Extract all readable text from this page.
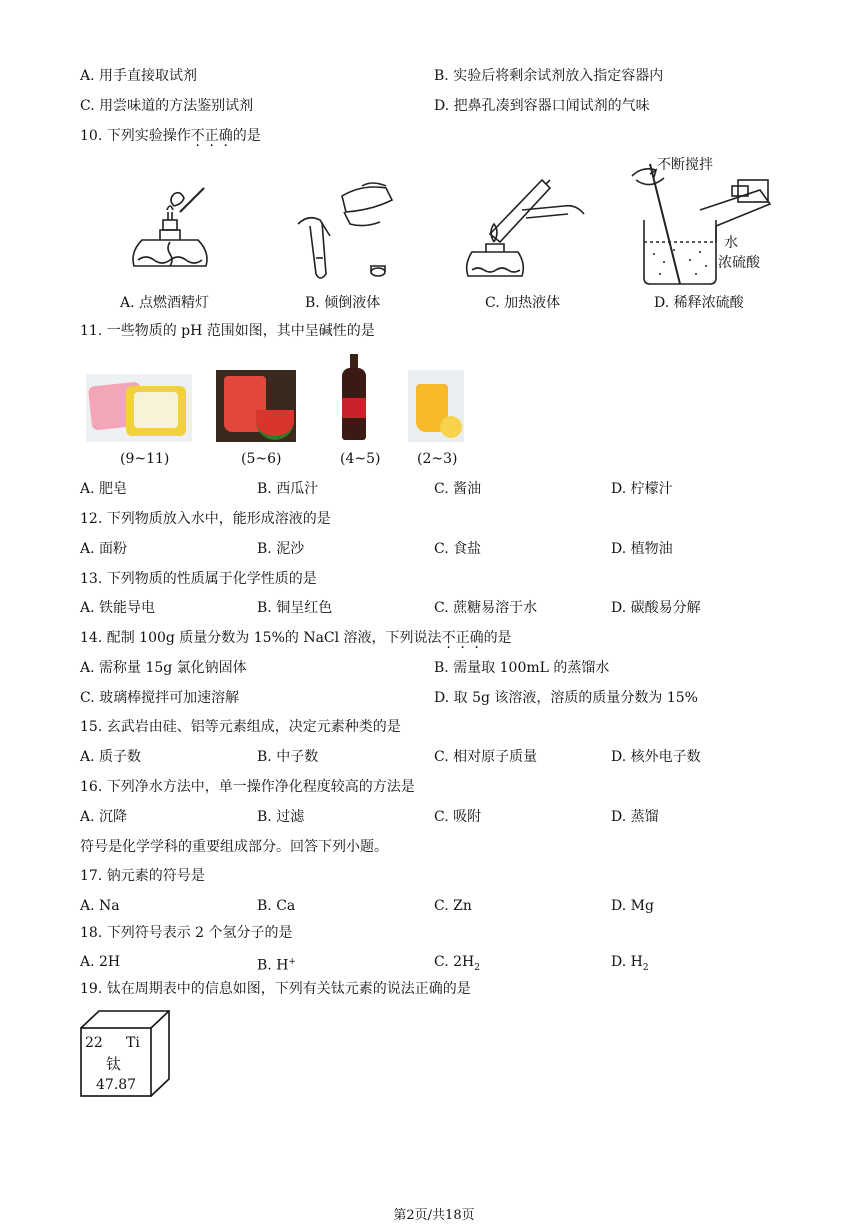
A. 用手直接取试剂	B. 实验后将剩余试剂放入指定容器内
C. 用尝味道的方法鉴别试剂	D. 把鼻孔凑到容器口闻试剂的气味
10. 下列实验操作不正确的是
不断搅拌
水
浓硫酸
A. 点燃酒精灯	B. 倾倒液体	C. 加热液体	D. 稀释浓硫酸
11. 一些物质的 pH 范围如图，其中呈碱性的是
(9~11)	(5~6)	(4~5)	(2~3)
A. 肥皂	B. 西瓜汁	C. 酱油	D. 柠檬汁
12. 下列物质放入水中，能形成溶液的是
A. 面粉	B. 泥沙	C. 食盐	D. 植物油
13. 下列物质的性质属于化学性质的是
A. 铁能导电	B. 铜呈红色	C. 蔗糖易溶于水	D. 碳酸易分解
14. 配制 100g 质量分数为 15%的 NaCl 溶液，下列说法不正确的是
A. 需称量 15g 氯化钠固体	B. 需量取 100mL 的蒸馏水
C. 玻璃棒搅拌可加速溶解	D. 取 5g 该溶液，溶质的质量分数为 15%
15. 玄武岩由硅、铝等元素组成，决定元素种类的是
A. 质子数	B. 中子数	C. 相对原子质量	D. 核外电子数
16. 下列净水方法中，单一操作净化程度较高的方法是
A. 沉降	B. 过滤	C. 吸附	D. 蒸馏
符号是化学学科的重要组成部分。回答下列小题。
17. 钠元素的符号是
A. Na	B. Ca	C. Zn	D. Mg
18. 下列符号表示 2 个氢分子的是
A. 2H	B. H+	C. $2H_2$	D. $H_2$
19. 钛在周期表中的信息如图，下列有关钛元素的说法正确的是
22 Ti
钛
47.87
第2页/共18页
